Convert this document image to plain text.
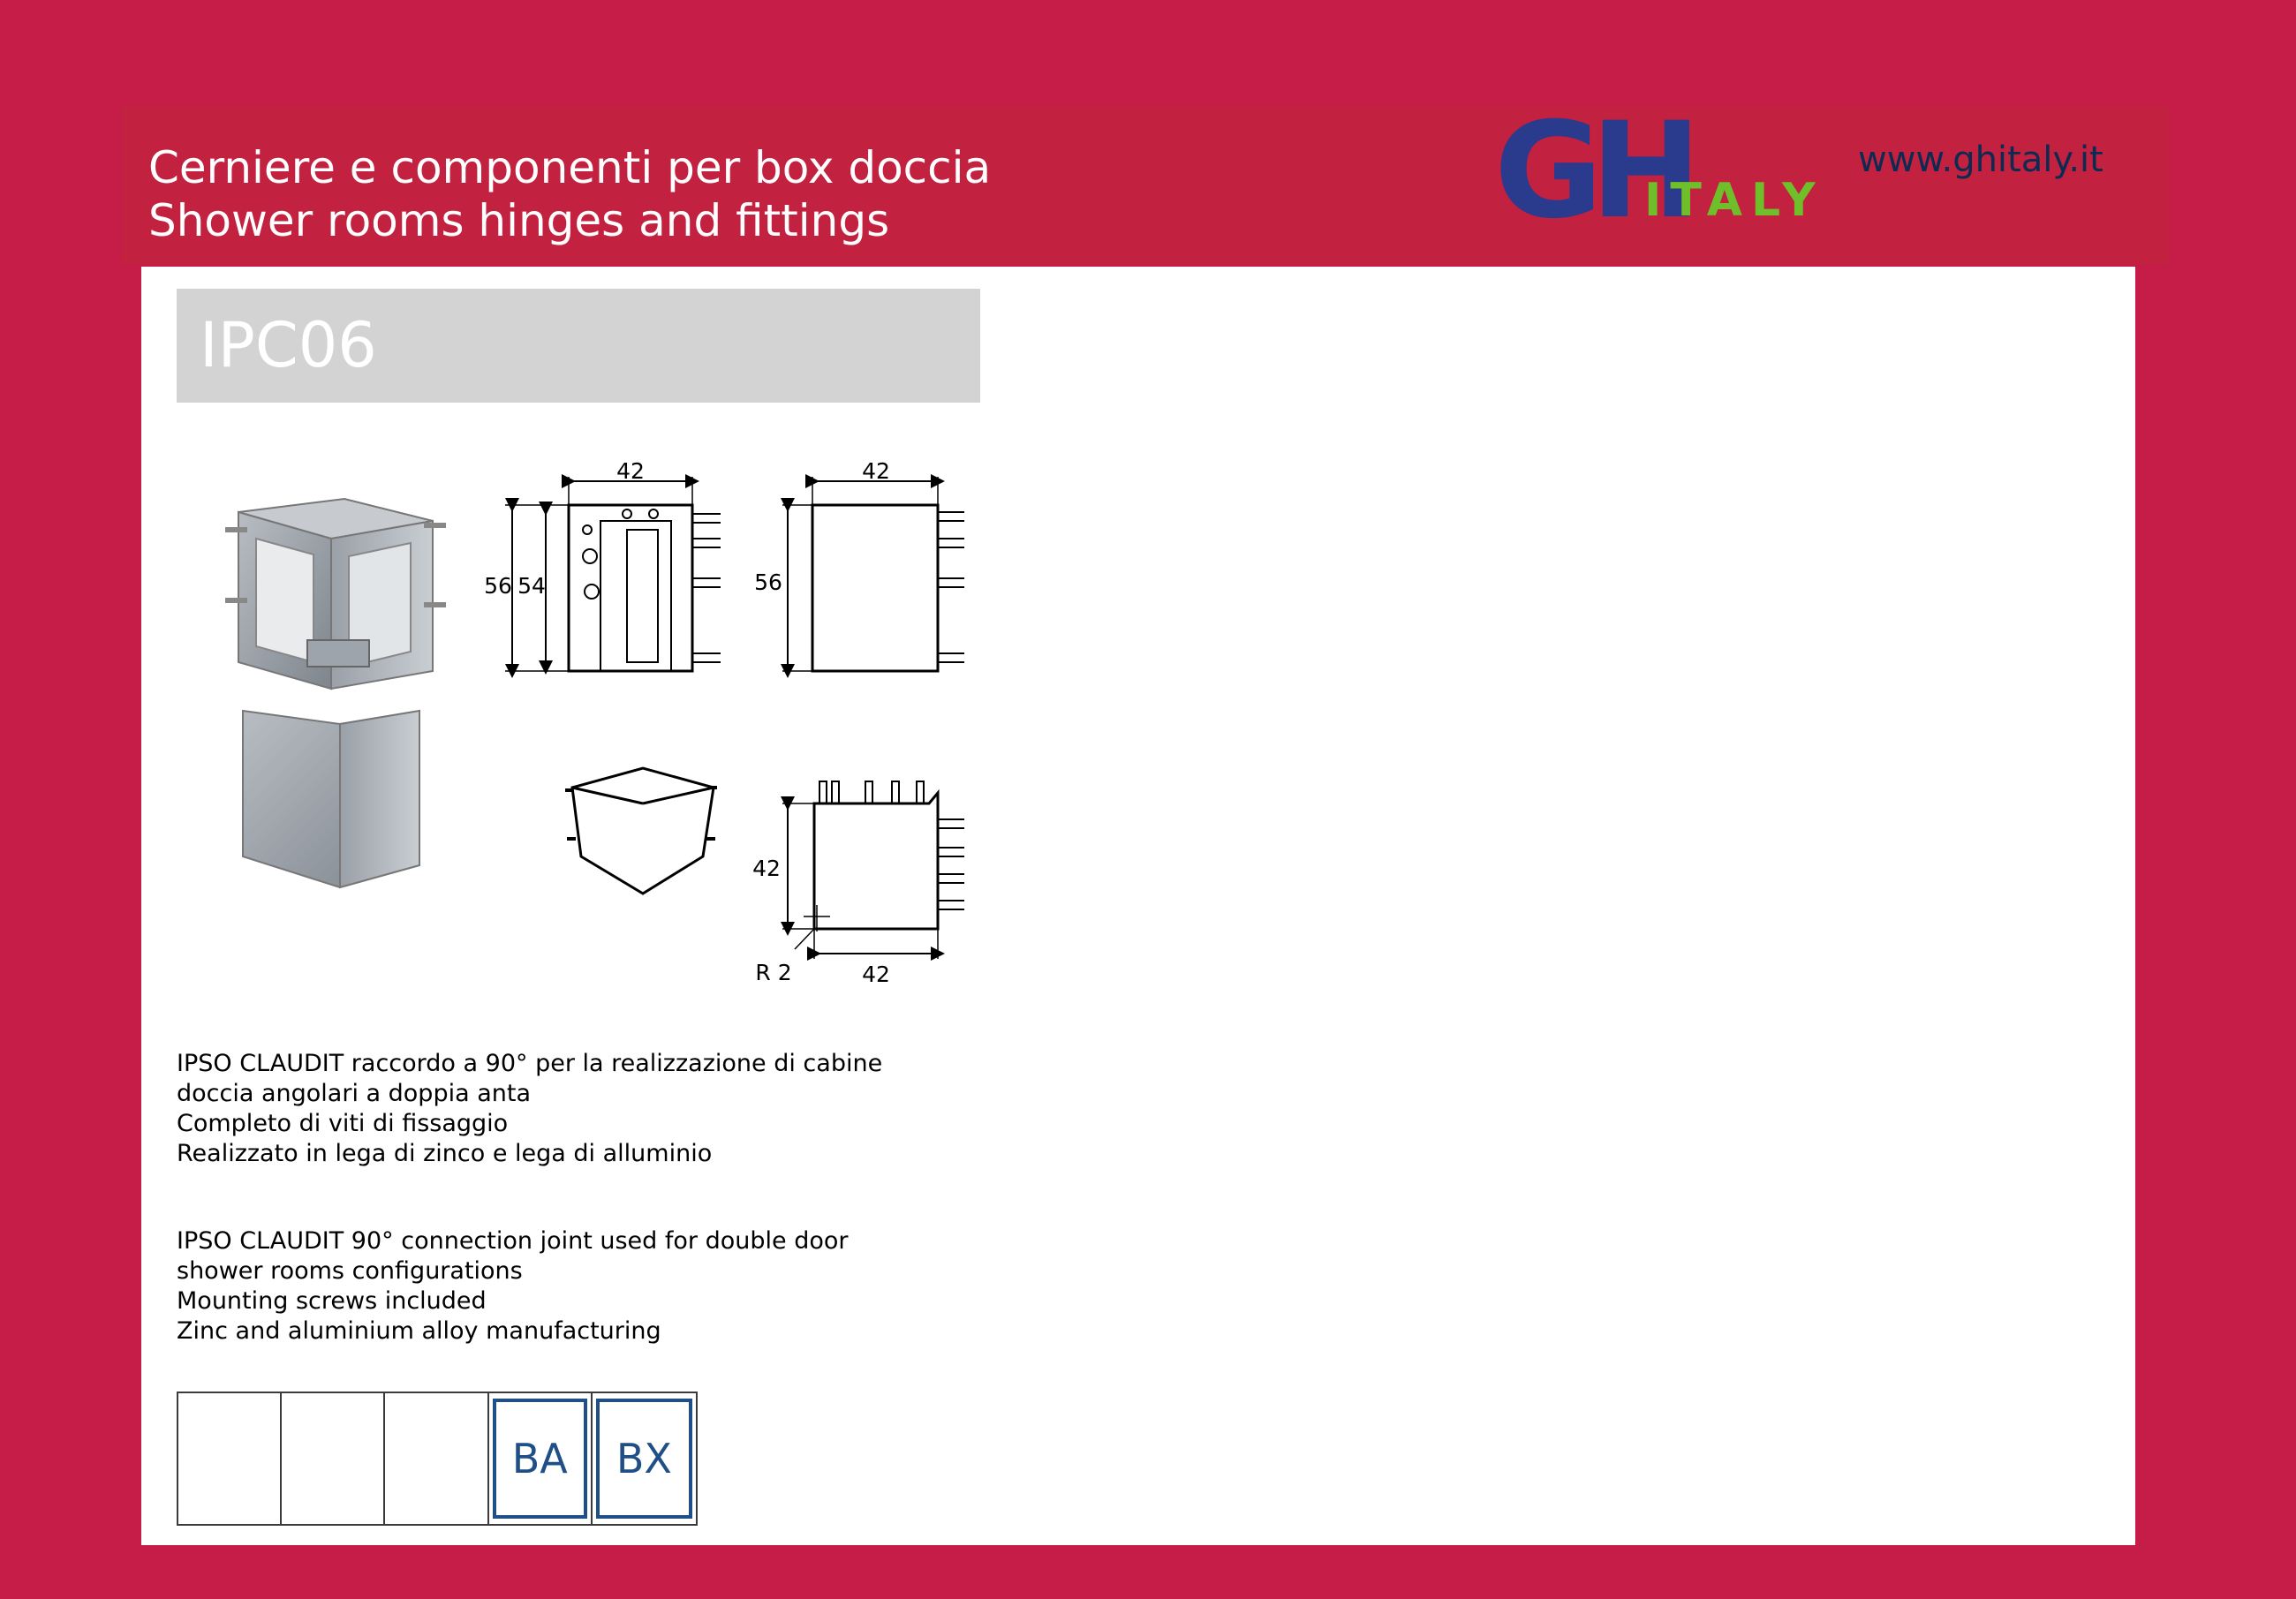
Cerniere e componenti per box doccia
Shower rooms hinges and fittings	GH
ITALY
www.ghitaly.it
IPC06
42
56 54
42
56
42
42
R 2
IPSO CLAUDIT raccordo a 90° per la realizzazione di cabine
doccia angolari a doppia anta
Completo di viti di fissaggio
Realizzato in lega di zinco e lega di alluminio
IPSO CLAUDIT 90° connection joint used for double door
shower rooms configurations
Mounting screws included
Zinc and aluminium alloy manufacturing
BA	BX
